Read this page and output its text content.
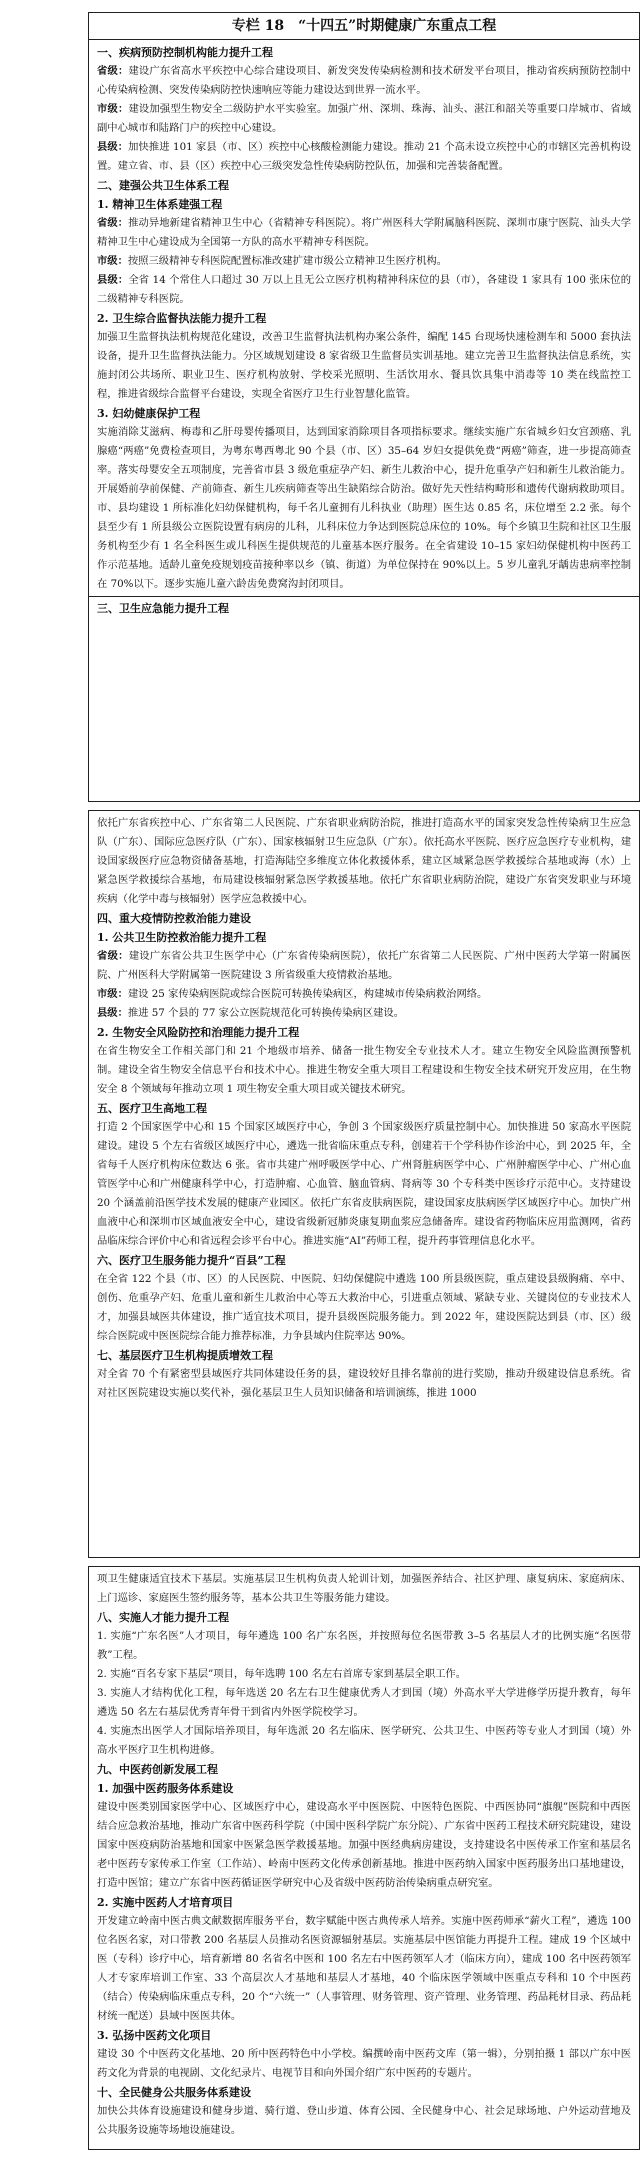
专栏 18　“十四五”时期健康广东重点工程
一、疾病预防控制机构能力提升工程
省级：建设广东省高水平疾控中心综合建设项目、新发突发传染病检测和技术研发平台项目，推动省疾病预防控制中心传染病检测、突发传染病防控快速响应等能力建设达到世界一流水平。
市级：建设加强型生物安全二级防护水平实验室。加强广州、深圳、珠海、汕头、湛江和韶关等重要口岸城市、省域副中心城市和陆路门户的疾控中心建设。
县级：加快推进 101 家县（市、区）疾控中心核酸检测能力建设。推动 21 个高未设立疾控中心的市辖区完善机构设置。建立省、市、县（区）疾控中心三级突发急性传染病防控队伍，加强和完善装备配置。
二、建强公共卫生体系工程
1. 精神卫生体系建强工程
省级：推动异地新建省精神卫生中心（省精神专科医院）。将广州医科大学附属脑科医院、深圳市康宁医院、汕头大学精神卫生中心建设成为全国第一方队的高水平精神专科医院。
市级：按照三级精神专科医院配置标准改建扩建市级公立精神卫生医疗机构。
县级：全省 14 个常住人口超过 30 万以上且无公立医疗机构精神科床位的县（市），各建设 1 家具有 100 张床位的二级精神专科医院。
2. 卫生综合监督执法能力提升工程
加强卫生监督执法机构规范化建设，改善卫生监督执法机构办案公条件，编配 145 台现场快速检测车和 5000 套执法设备，提升卫生监督执法能力。分区域规划建设 8 家省级卫生监督员实训基地。建立完善卫生监督执法信息系统，实施封闭公共场所、职业卫生、医疗机构放射、学校采光照明、生活饮用水、餐具饮具集中消毒等 10 类在线监控工程，推进省级综合监督平台建设，实现全省医疗卫生行业智慧化监管。
3. 妇幼健康保护工程
实施消除艾滋病、梅毒和乙肝母婴传播项目，达到国家消除项目各项指标要求。继续实施广东省城乡妇女宫颈癌、乳腺癌“两癌”免费检查项目，为粤东粤西粤北 90 个县（市、区）35–64 岁妇女提供免费“两癌”筛查，进一步提高筛查率。落实母婴安全五项制度，完善省市县 3 级危重症孕产妇、新生儿救治中心，提升危重孕产妇和新生儿救治能力。开展婚前孕前保健、产前筛查、新生儿疾病筛查等出生缺陷综合防治。做好先天性结构畸形和遗传代谢病救助项目。市、县均建设 1 所标准化妇幼保健机构，每千名儿童拥有儿科执业（助理）医生达 0.85 名，床位增至 2.2 张。每个县至少有 1 所县级公立医院设置有病房的儿科，儿科床位力争达到医院总床位的 10%。每个乡镇卫生院和社区卫生服务机构至少有 1 名全科医生或儿科医生提供规范的儿童基本医疗服务。在全省建设 10–15 家妇幼保健机构中医药工作示范基地。适龄儿童免疫规划疫苗接种率以乡（镇、街道）为单位保持在 90%以上。5 岁儿童乳牙龋齿患病率控制在 70%以下。逐步实施儿童六龄齿免费窝沟封闭项目。
三、卫生应急能力提升工程
依托广东省疾控中心、广东省第二人民医院、广东省职业病防治院，推进打造高水平的国家突发急性传染病卫生应急队（广东）、国际应急医疗队（广东）、国家核辐射卫生应急队（广东）。依托高水平医院、医疗应急医疗专业机构，建设国家级医疗应急物资储备基地，打造海陆空多维度立体化救援体系，建立区域紧急医学救援综合基地或海（水）上紧急医学救援综合基地，布局建设核辐射紧急医学救援基地。依托广东省职业病防治院，建设广东省突发职业与环境疾病（化学中毒与核辐射）医学应急救援中心。
四、重大疫情防控救治能力建设
1. 公共卫生防控救治能力提升工程
省级：建设广东省公共卫生医学中心（广东省传染病医院），依托广东省第二人民医院、广州中医药大学第一附属医院、广州医科大学附属第一医院建设 3 所省级重大疫情救治基地。
市级：建设 25 家传染病医院或综合医院可转换传染病区，构建城市传染病救治网络。
县级：推进 57 个县的 77 家公立医院规范化可转换传染病区建设。
2. 生物安全风险防控和治理能力提升工程
在省生物安全工作相关部门和 21 个地级市培养、储备一批生物安全专业技术人才。建立生物安全风险监测预警机制。建设全省生物安全信息平台和技术中心。推进生物安全重大项目工程建设和生物安全技术研究开发应用，在生物安全 8 个领域每年推动立项 1 项生物安全重大项目或关键技术研究。
五、医疗卫生高地工程
打造 2 个国家医学中心和 15 个国家区域医疗中心，争创 3 个国家级医疗质量控制中心。加快推进 50 家高水平医院建设。建设 5 个左右省级区域医疗中心，遴选一批省临床重点专科，创建若干个学科协作诊治中心，到 2025 年，全省每千人医疗机构床位数达 6 张。省市共建广州呼吸医学中心、广州肾脏病医学中心、广州肿瘤医学中心、广州心血管医学中心和广州健康科学中心，打造肿瘤、心血管、脑血管病、肾病等 30 个专科类中医诊疗示范中心。支持建设 20 个涵盖前沿医学技术发展的健康产业园区。依托广东省皮肤病医院，建设国家皮肤病医学区域医疗中心。加快广州血液中心和深圳市区域血液安全中心，建设省级新冠肺炎康复期血浆应急储备库。建设省药物临床应用监测网，省药品临床综合评价中心和省远程会诊平台中心。推进实施“AI”药师工程，提升药事管理信息化水平。
六、医疗卫生服务能力提升“百县”工程
在全省 122 个县（市、区）的人民医院、中医院、妇幼保健院中遴选 100 所县级医院，重点建设县级胸痛、卒中、创伤、危重孕产妇、危重儿童和新生儿救治中心等五大救治中心，引进重点领域、紧缺专业、关键岗位的专业技术人才，加强县域医共体建设，推广适宜技术项目，提升县级医院服务能力。到 2022 年，建设医院达到县（市、区）级综合医院或中医医院综合能力推荐标准，力争县域内住院率达 90%。
七、基层医疗卫生机构提质增效工程
对全省 70 个有紧密型县域医疗共同体建设任务的县，建设较好且排名靠前的进行奖励，推动升级建设信息系统。省对社区医院建设实施以奖代补，强化基层卫生人员知识储备和培训演练，推进 1000
项卫生健康适宜技术下基层。实施基层卫生机构负责人轮训计划，加强医养结合、社区护理、康复病床、家庭病床、上门巡诊、家庭医生签约服务等，基本公共卫生等服务能力建设。
八、实施人才能力提升工程
1. 实施“广东名医”人才项目，每年遴选 100 名广东名医，并按照每位名医带教 3–5 名基层人才的比例实施“名医带教”工程。
2. 实施“百名专家下基层”项目，每年选聘 100 名左右首席专家到基层全职工作。
3. 实施人才结构优化工程，每年选送 20 名左右卫生健康优秀人才到国（境）外高水平大学进修学历提升教育，每年遴选 50 名左右基层优秀青年骨干到省内外医学院校学习。
4. 实施杰出医学人才国际培养项目，每年选派 20 名左临床、医学研究、公共卫生、中医药等专业人才到国（境）外高水平医疗卫生机构进修。
九、中医药创新发展工程
1. 加强中医药服务体系建设
建设中医类别国家医学中心、区域医疗中心，建设高水平中医医院、中医特色医院、中西医协同“旗舰”医院和中西医结合应急救治基地，推动广东省中医药科学院（中国中医科学院广东分院）、广东省中医药工程技术研究院建设，建设国家中医疫病防治基地和国家中医紧急医学救援基地。加强中医经典病房建设，支持建设名中医传承工作室和基层名老中医药专家传承工作室（工作站）、岭南中医药文化传承创新基地。推进中医药纳入国家中医药服务出口基地建设，打造中医馆；建立广东省中医药循证医学研究中心及省级中医药防治传染病重点研究室。
2. 实施中医药人才培育项目
开发建立岭南中医古典文献数据库服务平台，数字赋能中医古典传承人培养。实施中医药师承“薪火工程”，遴选 100 位名医名家，对口带教 200 名基层人员推动名医资源辐射基层。实施基层中医馆能力再提升工程。建成 19 个区域中医（专科）诊疗中心，培育新增 80 名省名中医和 100 名左右中医药领军人才（临床方向），建成 100 名中医药领军人才专家库培训工作室、33 个高层次人才基地和基层人才基地，40 个临床医学领域中医重点专科和 10 个中医药（结合）传染病临床重点专科，20 个“六统一”（人事管理、财务管理、资产管理、业务管理、药品耗材目录、药品耗材统一配送）县域中医医共体。
3. 弘扬中医药文化项目
建设 30 个中医药文化基地、20 所中医药特色中小学校。编撰岭南中医药文库（第一辑），分别拍摄 1 部以广东中医药文化为背景的电视剧、文化纪录片、电视节目和向外国介绍广东中医药的专题片。
十、全民健身公共服务体系建设
加快公共体育设施建设和健身步道、骑行道、登山步道、体育公园、全民健身中心、社会足球场地、户外运动营地及公共服务设施等场地设施建设。
